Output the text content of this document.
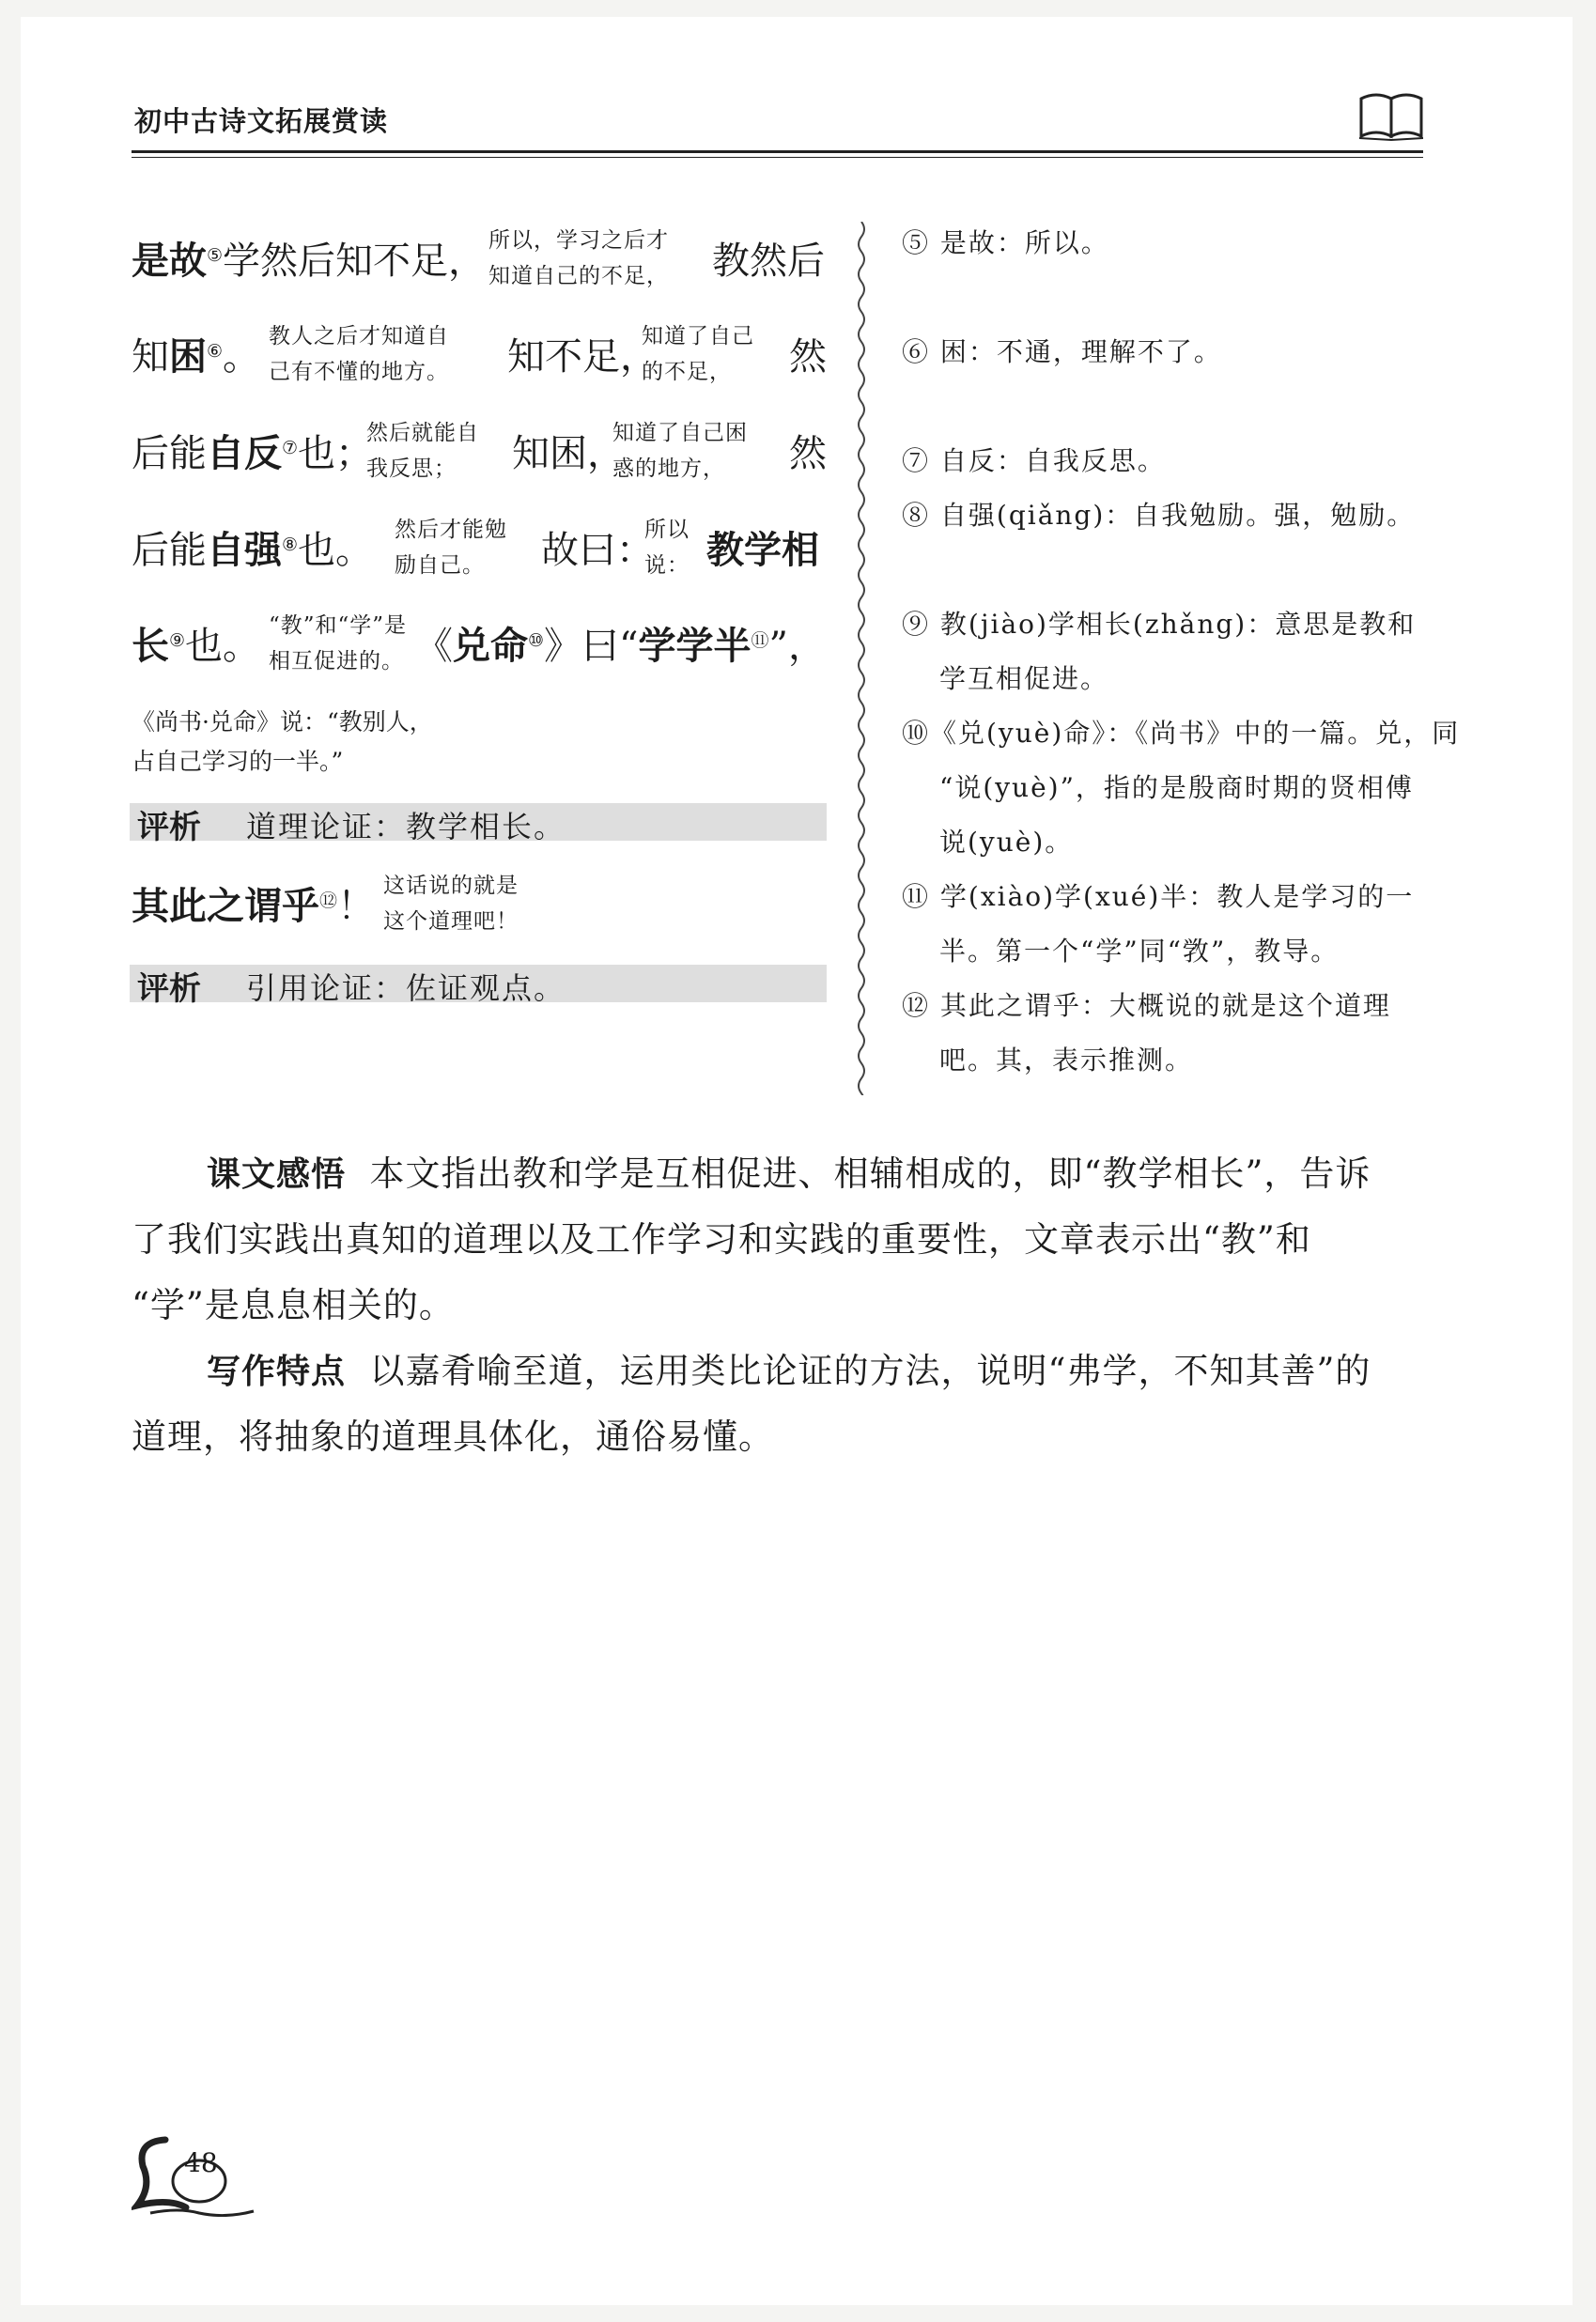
初中古诗文拓展赏读
是故⑤学然后知不足， 所以，学习之后才
知道自己的不足， 教然后
知困⑥。 教人之后才知道自
己有不懂的地方。 知不足，
知道了自己
的不足， 然
后能自反⑦也；
然后就能自
我反思； 知困，
知道了自己困
惑的地方， 然
后能自强⑧也。 然后才能勉
励自己。 故曰：
所以
说： 教学相
长⑨也。 “教”和“学”是
相互促进的。 《兑命⑩》曰“学学半⑪”，
《尚书·兑命》说：“教别人，
占自己学习的一半。”
评析 道理论证：教学相长。
其此之谓乎⑫！ 这话说的就是
这个道理吧！
评析 引用论证：佐证观点。
⑤ 是故：所以。
⑥ 困：不通，理解不了。
⑦ 自反：自我反思。
⑧ 自强(qiǎng)：自我勉励。强，勉励。
⑨ 教(jiào)学相长(zhǎng)：意思是教和
学互相促进。
⑩《兑(yuè)命》：《尚书》中的一篇。兑，同
“说(yuè)”，指的是殷商时期的贤相傅
说(yuè)。
⑪ 学(xiào)学(xué)半：教人是学习的一
半。第一个“学”同“敩”，教导。
⑫ 其此之谓乎：大概说的就是这个道理
吧。其，表示推测。
课文感悟 本文指出教和学是互相促进、相辅相成的，即“教学相长”，告诉
了我们实践出真知的道理以及工作学习和实践的重要性，文章表示出“教”和
“学”是息息相关的。
写作特点 以嘉肴喻至道，运用类比论证的方法，说明“弗学，不知其善”的
道理，将抽象的道理具体化，通俗易懂。
48
